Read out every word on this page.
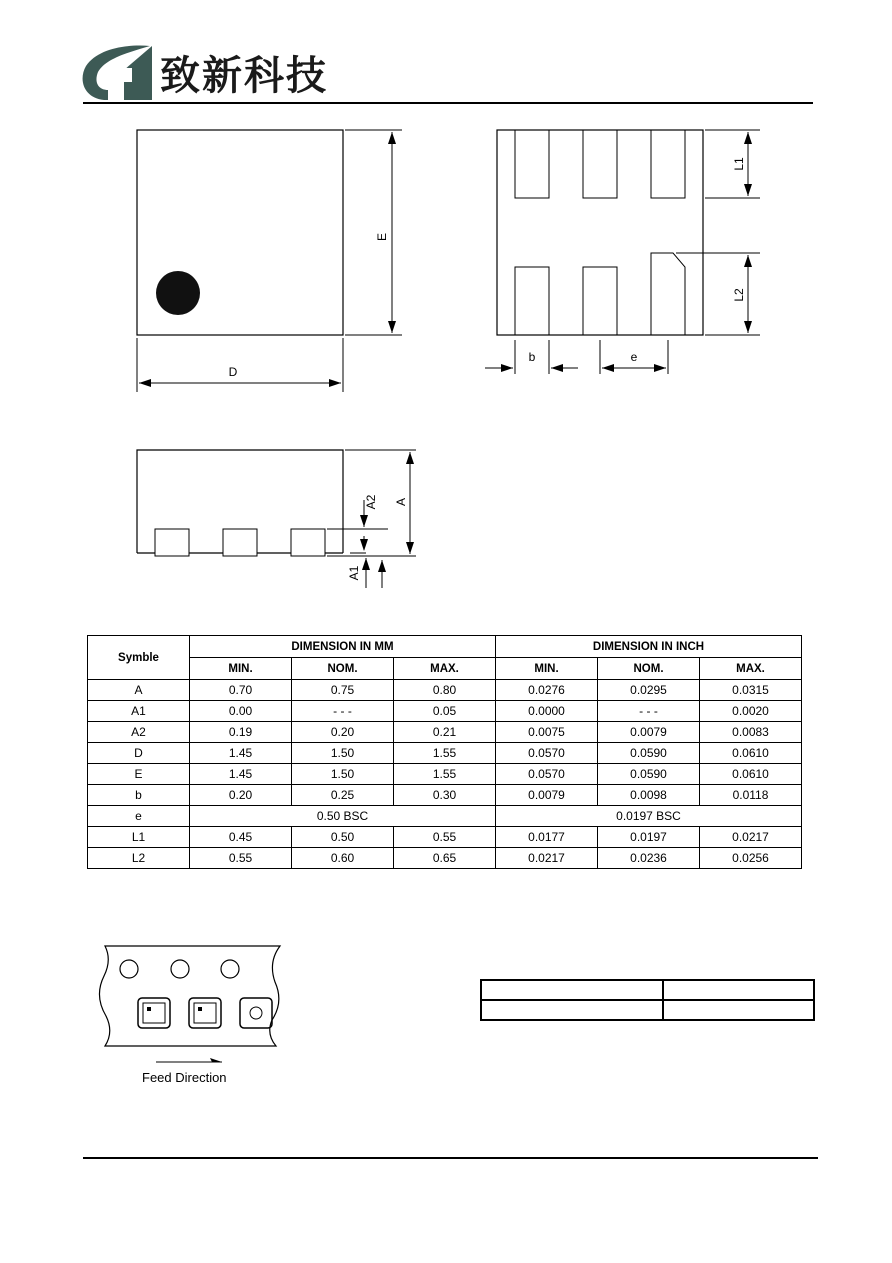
致新科技
E
D
L1
L2
b	e
A
A2
A1
Symble	DIMENSION IN MM			DIMENSION IN INCH		
	MIN.	NOM.	MAX.	MIN.	NOM.	MAX.
A	0.70	0.75	0.80	0.0276	0.0295	0.0315
A1	0.00	- - -	0.05	0.0000	- - -	0.0020
A2	0.19	0.20	0.21	0.0075	0.0079	0.0083
D	1.45	1.50	1.55	0.0570	0.0590	0.0610
E	1.45	1.50	1.55	0.0570	0.0590	0.0610
b	0.20	0.25	0.30	0.0079	0.0098	0.0118
e	0.50 BSC			0.0197 BSC		
L1	0.45	0.50	0.55	0.0177	0.0197	0.0217
L2	0.55	0.60	0.65	0.0217	0.0236	0.0256
Feed Direction
